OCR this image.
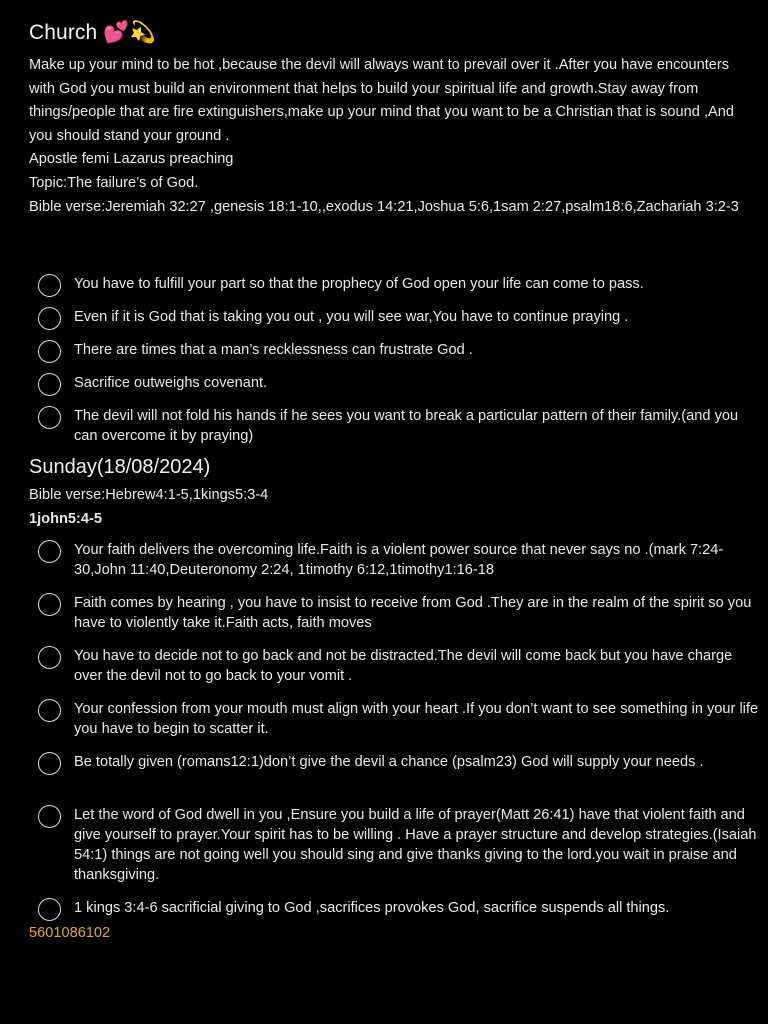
Church 💕💫

Make up your mind to be hot ,because the devil will always want to prevail over it .After you have encounters with God you must build an environment that helps to build your spiritual life and growth.Stay away from things/people that are fire extinguishers,make up your mind that you want to be a Christian that is sound ,And you should stand your ground .

Apostle femi Lazarus preaching

Topic:The failure’s of God.

Bible verse:Jeremiah 32:27 ,genesis 18:1-10,,exodus 14:21,Joshua 5:6,1sam 2:27,psalm18:6,Zachariah 3:2-3

You have to fulfill your part so that the prophecy of God open your life can come to pass.
Even if it is God that is taking you out , you will see war,You have to continue praying .
There are times that a man’s recklessness can frustrate God .
Sacrifice outweighs covenant.
The devil will not fold his hands if he sees you want to break a particular pattern of their family.(and you can overcome it by praying)
Sunday(18/08/2024)
Bible verse:Hebrew4:1-5,1kings5:3-4
1john5:4-5
Your faith delivers the overcoming life.Faith is a violent power source that never says no .(mark 7:24-30,John 11:40,Deuteronomy 2:24, 1timothy 6:12,1timothy1:16-18
Faith comes by hearing , you have to insist to receive from God .They are in the realm of the spirit so you have to violently take it.Faith acts, faith moves
You have to decide not to go back and not be distracted.The devil will come back but you have charge over the devil not to go back to your vomit .
Your confession from your mouth must align with your heart .If you don’t want to see something in your life you have to begin to scatter it.
Be totally given (romans12:1)don’t give the devil a chance (psalm23) God will supply your needs .
Let the word of God dwell in you ,Ensure you build a life of prayer(Matt 26:41) have that violent faith and give yourself to prayer.Your spirit has to be willing . Have a prayer structure and develop strategies.(Isaiah 54:1) things are not going well you should sing and give thanks giving to the lord.you wait in praise and thanksgiving.
1 kings 3:4-6 sacrificial giving to God ,sacrifices provokes God, sacrifice suspends all things.
5601086102
